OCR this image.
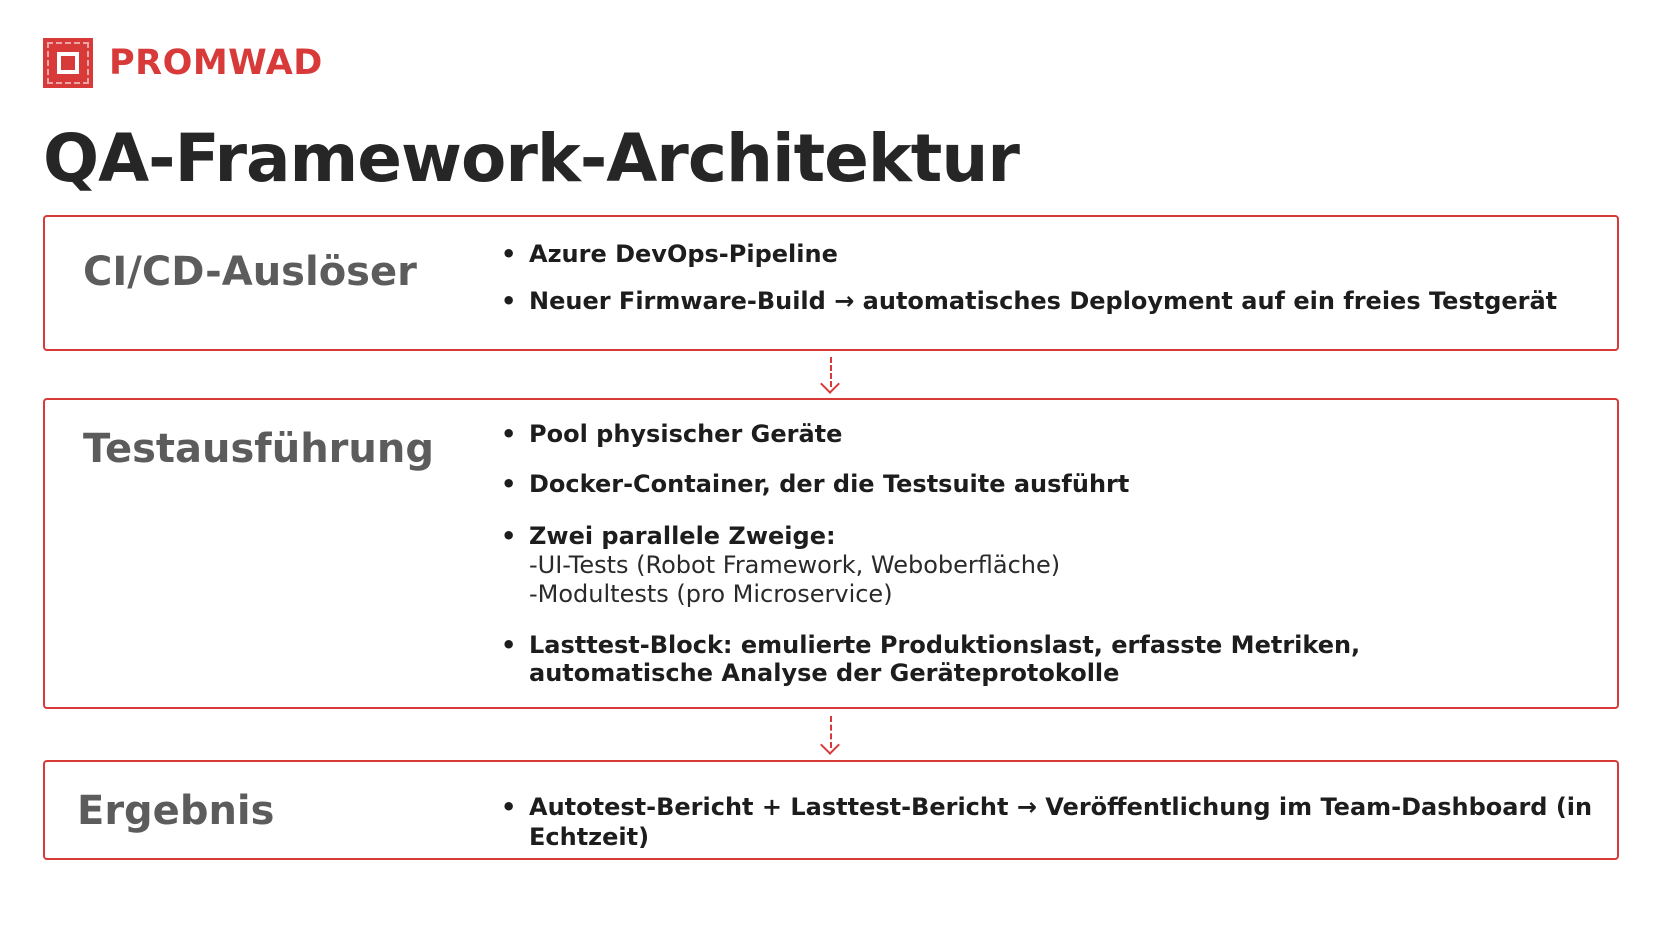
PROMWAD
QA-Framework-Architektur
CI/CD-Auslöser	• Azure DevOps-Pipeline
• Neuer Firmware-Build → automatisches Deployment auf ein freies Testgerät
Testausführung	• Pool physischer Geräte
• Docker-Container, der die Testsuite ausführt
• Zwei parallele Zweige:
-UI-Tests (Robot Framework, Weboberfläche)
-Modultests (pro Microservice)
• Lasttest-Block: emulierte Produktionslast, erfasste Metriken,
automatische Analyse der Geräteprotokolle
Ergebnis	• Autotest-Bericht + Lasttest-Bericht → Veröffentlichung im Team-Dashboard (in Echtzeit)
